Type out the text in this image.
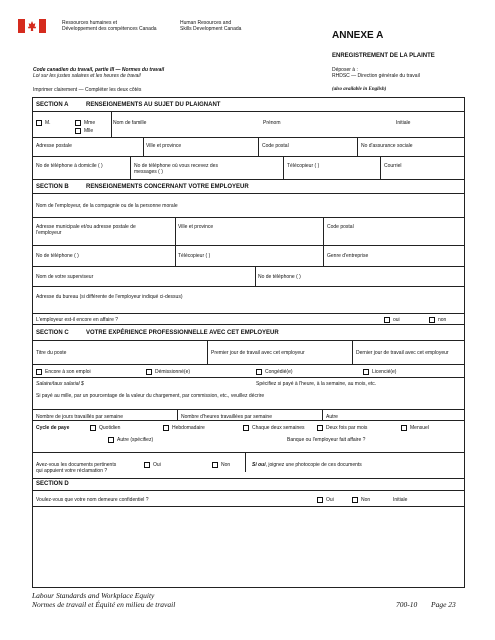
Ressources humaines et
Développement des compétences Canada
Human Resources and
Skills Development Canada
ANNEXE A
ENREGISTREMENT DE LA PLAINTE
Code canadien du travail, partie III — Normes du travail
Loi sur les justes salaires et les heures de travail
Déposer à :
RHDSC — Direction générale du travail
Imprimer clairement — Compléter les deux côtés	(also available in English)
SECTION A	RENSEIGNEMENTS AU SUJET DU PLAIGNANT
M.	Mme
Mlle
Nom de famille	Prénom	Initiale
Adresse postale	Ville et province	Code postal	No d'assurance sociale
No de téléphone à domicile ( )	No de téléphone où vous recevez des
messages ( )
Télécopieur ( )	Courriel
SECTION B	RENSEIGNEMENTS CONCERNANT VOTRE EMPLOYEUR
Nom de l'employeur, de la compagnie ou de la personne morale
Adresse municipale et/ou adresse postale de
l'employeur
Ville et province	Code postal
No de téléphone ( )	Télécopieur ( )	Genre d'entreprise
Nom de votre superviseur	No de téléphone ( )
Adresse du bureau (si différente de l'employeur indiqué ci-dessus)
L'employeur est-il encore en affaire ?	oui	non
SECTION C	VOTRE EXPÉRIENCE PROFESSIONNELLE AVEC CET EMPLOYEUR
Titre du poste	Premier jour de travail avec cet employeur	Dernier jour de travail avec cet employeur
Encore à son emploi	Démissionné(e)	Congédié(e)	Licencié(e)
Salaire/taux salarial $	Spécifiez si payé à l'heure, à la semaine, au mois, etc.
Si payé au mille, par un pourcentage de la valeur du chargement, par commission, etc., veuillez décrire
Nombre de jours travaillés par semaine	Nombre d'heures travaillées par semaine	Autre
Cycle de paye	Quotidien	Hebdomadaire	Chaque deux semaines	Deux fois par mois	Mensuel
Autre (spécifiez)	Banque ou l'employeur fait affaire ?
Avez-vous les documents pertinents
qui appuient votre réclamation ?
Oui	Non	Si oui, joignez une photocopie de ces documents
SECTION D
Voulez-vous que votre nom demeure confidentiel ?	Oui	Non	Initiale
Labour Standards and Workplace Equity
Normes de travail et Équité en milieu de travail	700-10 Page 23
